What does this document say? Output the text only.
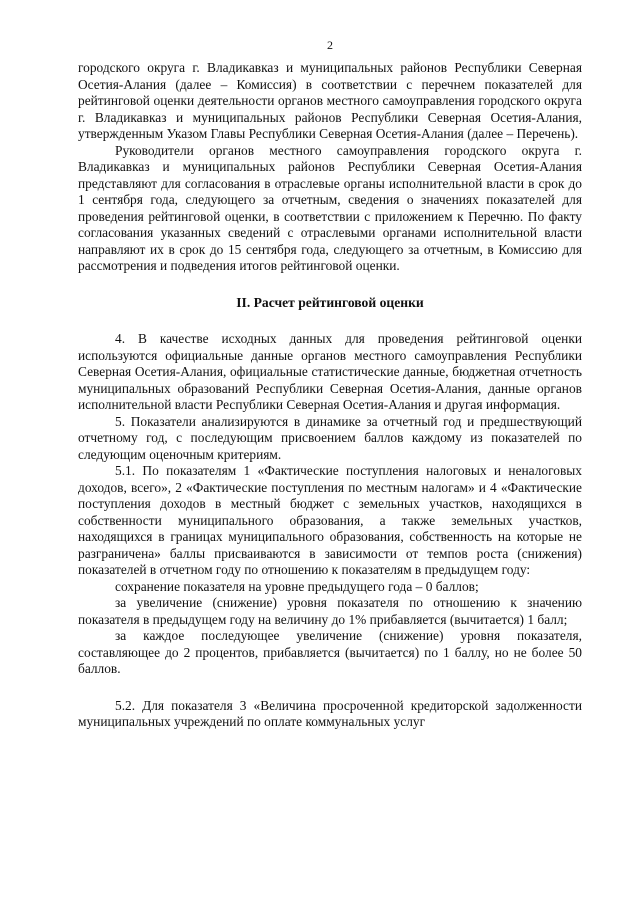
2

городского округа г. Владикавказ и муниципальных районов Республики Северная Осетия-Алания (далее – Комиссия) в соответствии с перечнем показателей для рейтинговой оценки деятельности органов местного самоуправления городского округа г. Владикавказ и муниципальных районов Республики Северная Осетия-Алания, утвержденным Указом Главы Республики Северная Осетия-Алания (далее – Перечень).

Руководители органов местного самоуправления городского округа г. Владикавказ и муниципальных районов Республики Северная Осетия-Алания представляют для согласования в отраслевые органы исполнительной власти в срок до 1 сентября года, следующего за отчетным, сведения о значениях показателей для проведения рейтинговой оценки, в соответствии с приложением к Перечню. По факту согласования указанных сведений с отраслевыми органами исполнительной власти направляют их в срок до 15 сентября года, следующего за отчетным, в Комиссию для рассмотрения и подведения итогов рейтинговой оценки.

II. Расчет рейтинговой оценки

4. В качестве исходных данных для проведения рейтинговой оценки используются официальные данные органов местного самоуправления Республики Северная Осетия-Алания, официальные статистические данные, бюджетная отчетность муниципальных образований Республики Северная Осетия-Алания, данные органов исполнительной власти Республики Северная Осетия-Алания и другая информация.

5. Показатели анализируются в динамике за отчетный год и предшествующий отчетному год, с последующим присвоением баллов каждому из показателей по следующим оценочным критериям.

5.1. По показателям 1 «Фактические поступления налоговых и неналоговых доходов, всего», 2 «Фактические поступления по местным налогам» и 4 «Фактические поступления доходов в местный бюджет с земельных участков, находящихся в собственности муниципального образования, а также земельных участков, находящихся в границах муниципального образования, собственность на которые не разграничена» баллы присваиваются в зависимости от темпов роста (снижения) показателей в отчетном году по отношению к показателям в предыдущем году:

сохранение показателя на уровне предыдущего года – 0 баллов;

за увеличение (снижение) уровня показателя по отношению к значению показателя в предыдущем году на величину до 1% прибавляется (вычитается) 1 балл;

за каждое последующее увеличение (снижение) уровня показателя, составляющее до 2 процентов, прибавляется (вычитается) по 1 баллу, но не более 50 баллов.

5.2. Для показателя 3 «Величина просроченной кредиторской задолженности муниципальных учреждений по оплате коммунальных услуг
